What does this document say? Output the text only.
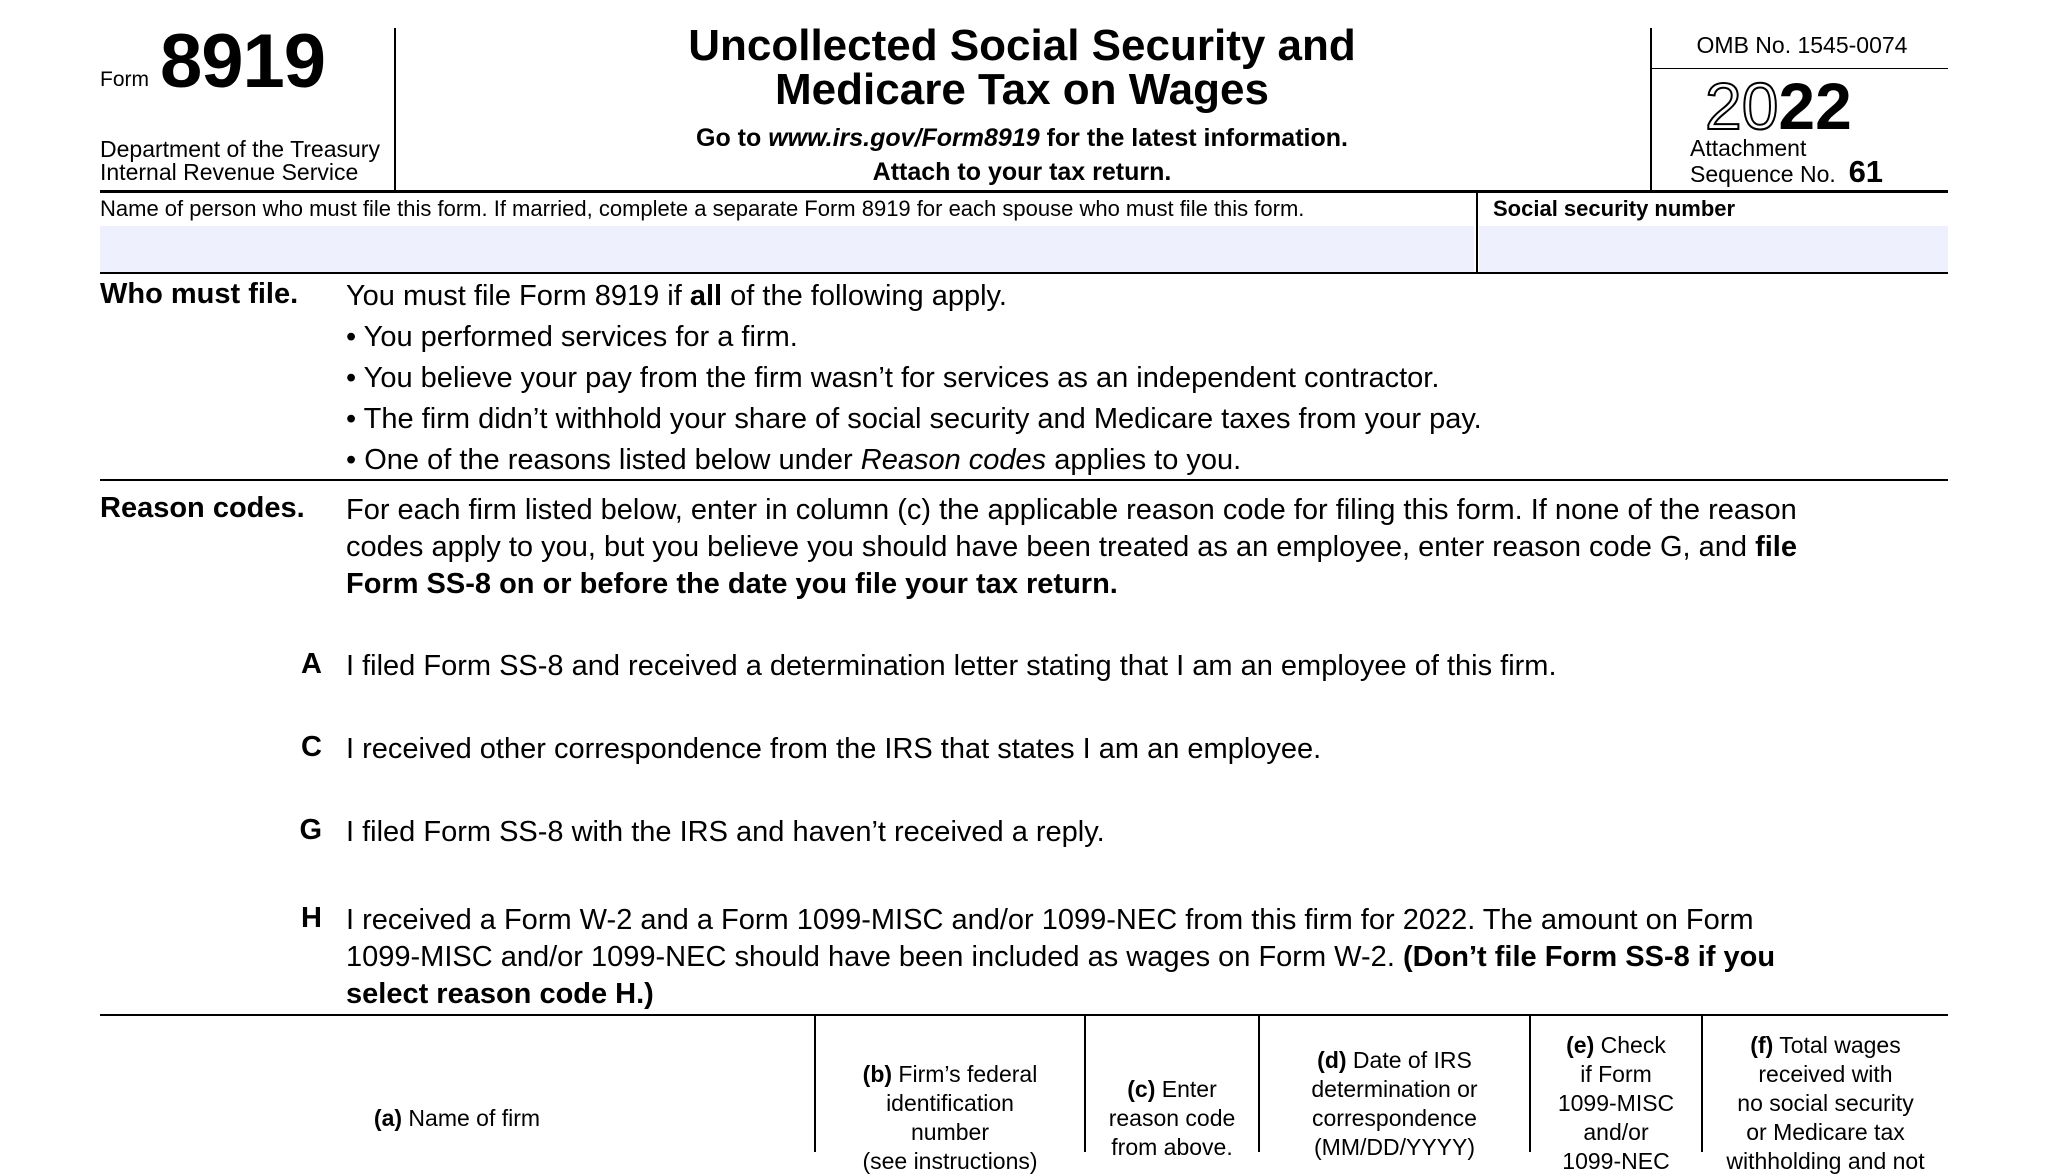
Form 8919
Department of the Treasury
Internal Revenue Service
Uncollected Social Security and
Medicare Tax on Wages
Go to www.irs.gov/Form8919 for the latest information.
Attach to your tax return.
OMB No. 1545-0074
2022
Attachment
Sequence No. 61
Name of person who must file this form. If married, complete a separate Form 8919 for each spouse who must file this form.	Social security number
Who must file. You must file Form 8919 if all of the following apply.
• You performed services for a firm.
• You believe your pay from the firm wasn’t for services as an independent contractor.
• The firm didn’t withhold your share of social security and Medicare taxes from your pay.
• One of the reasons listed below under Reason codes applies to you.
Reason codes. For each firm listed below, enter in column (c) the applicable reason code for filing this form. If none of the reason
codes apply to you, but you believe you should have been treated as an employee, enter reason code G, and file
Form SS-8 on or before the date you file your tax return.
A I filed Form SS-8 and received a determination letter stating that I am an employee of this firm.
C I received other correspondence from the IRS that states I am an employee.
G I filed Form SS-8 with the IRS and haven’t received a reply.
H I received a Form W-2 and a Form 1099-MISC and/or 1099-NEC from this firm for 2022. The amount on Form
1099-MISC and/or 1099-NEC should have been included as wages on Form W-2. (Don’t file Form SS-8 if you
select reason code H.)
(a) Name of firm
(b) Firm’s federal
identification
number
(see instructions)
(c) Enter
reason code
from above.
(d) Date of IRS
determination or
correspondence
(MM/DD/YYYY)
(e) Check
if Form
1099-MISC
and/or
1099-NEC
(f) Total wages
received with
no social security
or Medicare tax
withholding and not
